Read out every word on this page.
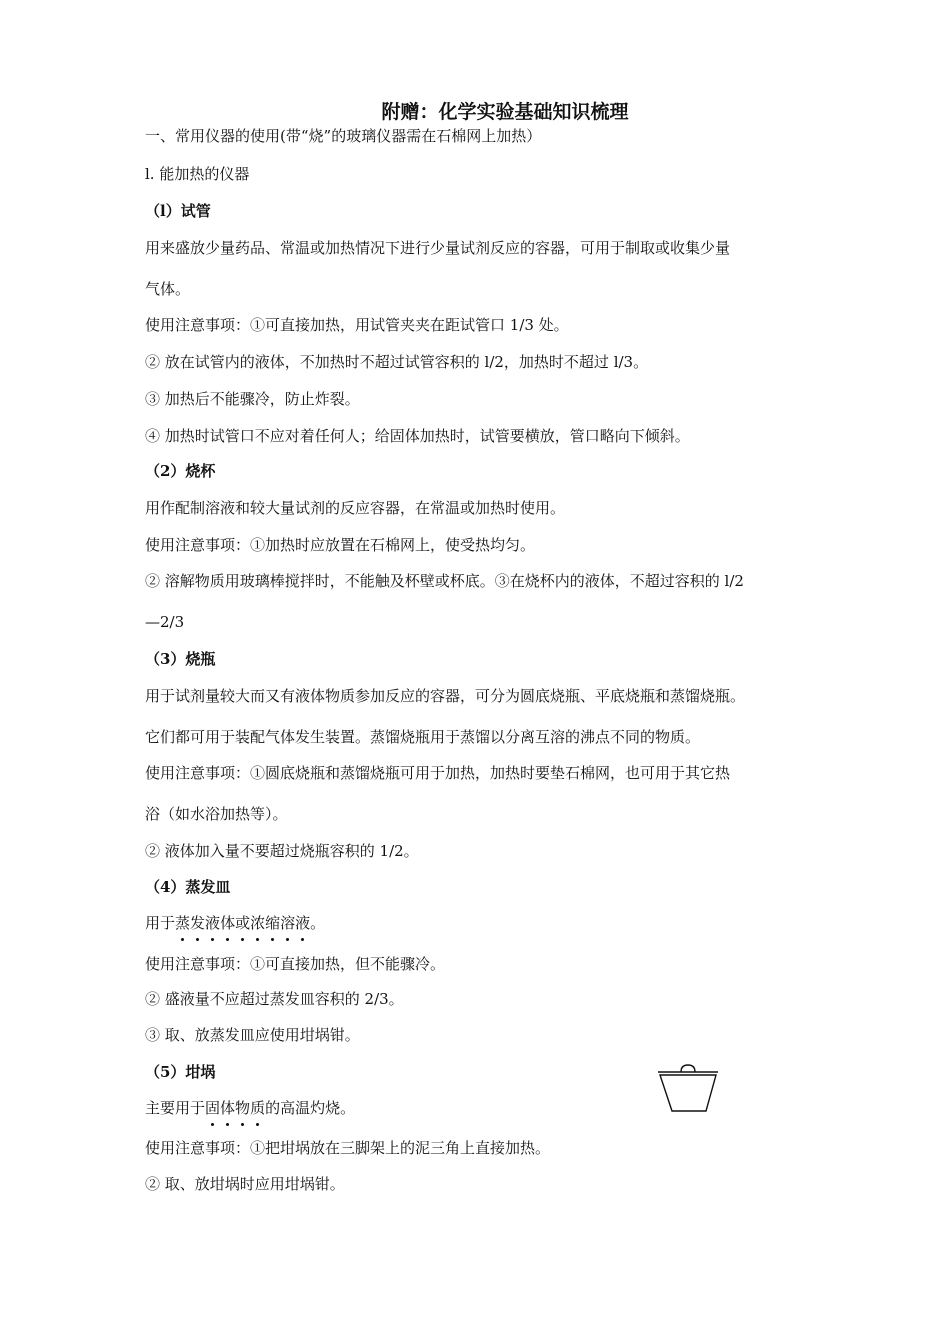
附赠：化学实验基础知识梳理
一、常用仪器的使用(带“烧”的玻璃仪器需在石棉网上加热）
l. 能加热的仪器
（l）试管
用来盛放少量药品、常温或加热情况下进行少量试剂反应的容器，可用于制取或收集少量
气体。
使用注意事项：①可直接加热，用试管夹夹在距试管口 1/3 处。
② 放在试管内的液体，不加热时不超过试管容积的 l/2，加热时不超过 l/3。
③ 加热后不能骤冷，防止炸裂。
④ 加热时试管口不应对着任何人；给固体加热时，试管要横放，管口略向下倾斜。
（2）烧杯
用作配制溶液和较大量试剂的反应容器，在常温或加热时使用。
使用注意事项：①加热时应放置在石棉网上，使受热均匀。
② 溶解物质用玻璃棒搅拌时，不能触及杯壁或杯底。③在烧杯内的液体，不超过容积的 l/2
—2/3
（3）烧瓶
用于试剂量较大而又有液体物质参加反应的容器，可分为圆底烧瓶、平底烧瓶和蒸馏烧瓶。
它们都可用于装配气体发生装置。蒸馏烧瓶用于蒸馏以分离互溶的沸点不同的物质。
使用注意事项：①圆底烧瓶和蒸馏烧瓶可用于加热，加热时要垫石棉网，也可用于其它热
浴（如水浴加热等）。
② 液体加入量不要超过烧瓶容积的 1/2。
（4）蒸发皿
用于蒸发液体或浓缩溶液。
使用注意事项：①可直接加热，但不能骤冷。
② 盛液量不应超过蒸发皿容积的 2/3。
③ 取、放蒸发皿应使用坩埚钳。
（5）坩埚
主要用于固体物质的高温灼烧。
使用注意事项：①把坩埚放在三脚架上的泥三角上直接加热。
② 取、放坩埚时应用坩埚钳。
